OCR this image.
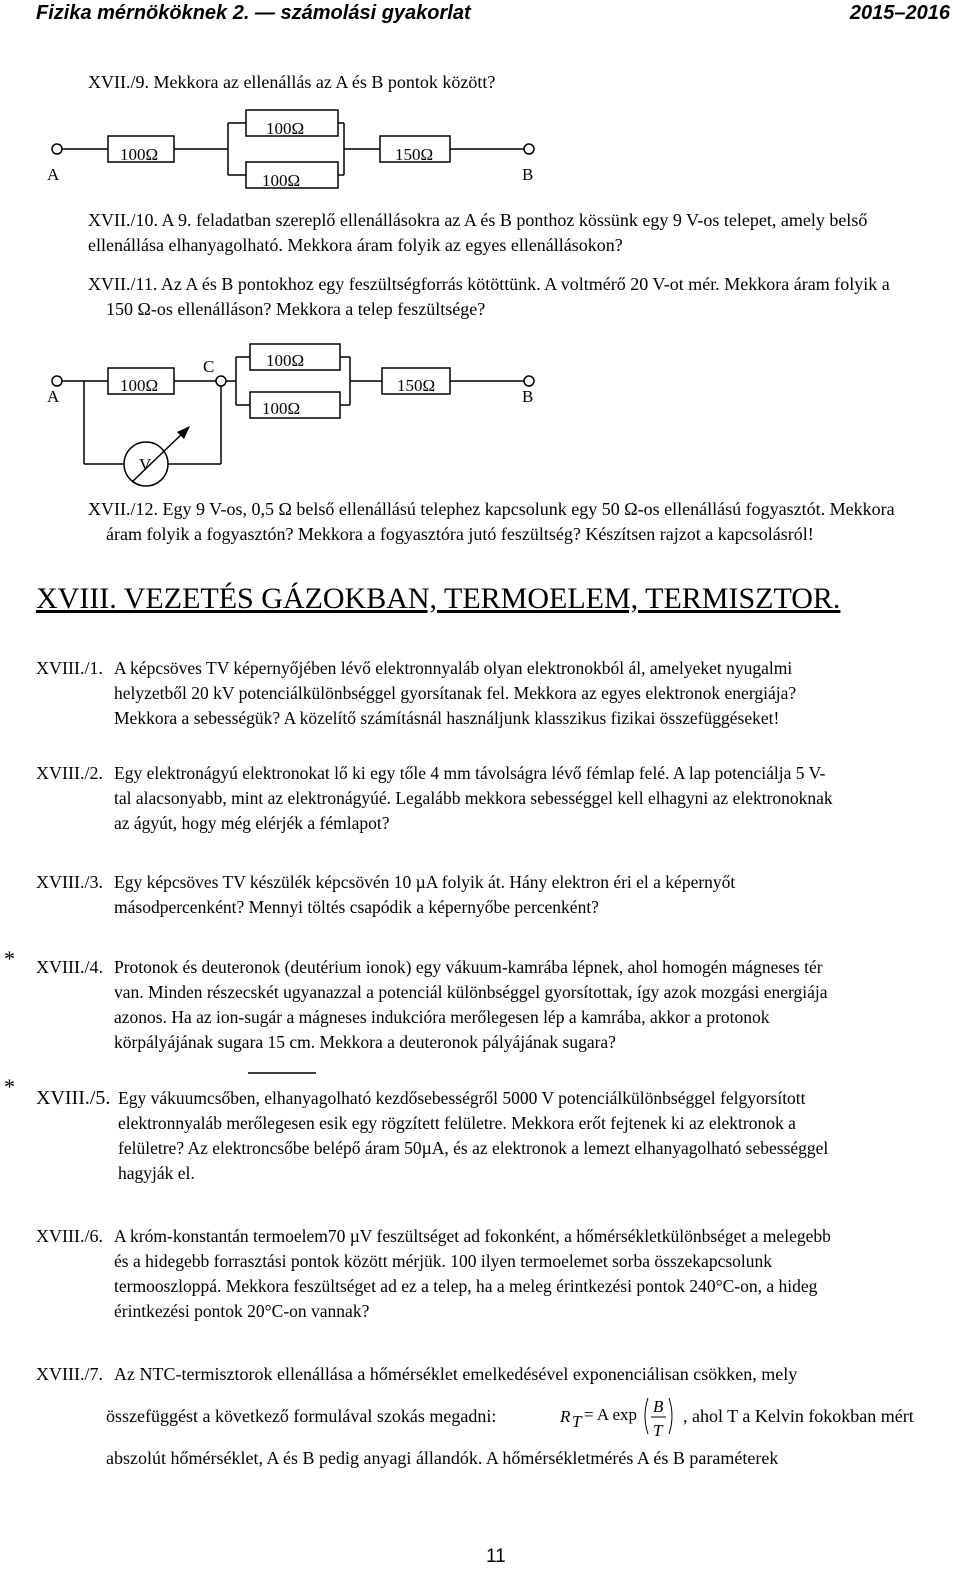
Fizika mérnököknek 2. — számolási gyakorlat	2015–2016
XVII./9. Mekkora az ellenállás az A és B pontok között?
A	B
100Ω
100Ω
100Ω
150Ω
A	B
C
V
100Ω
100Ω
100Ω
150Ω
XVII./10. A 9. feladatban szereplő ellenállásokra az A és B ponthoz kössünk egy 9 V-os telepet, amely belső
ellenállása elhanyagolható. Mekkora áram folyik az egyes ellenállásokon?
XVII./11. Az A és B pontokhoz egy feszültségforrás kötöttünk. A voltmérő 20 V-ot mér. Mekkora áram folyik a
150 Ω-os ellenálláson? Mekkora a telep feszültsége?
XVII./12. Egy 9 V-os, 0,5 Ω belső ellenállású telephez kapcsolunk egy 50 Ω-os ellenállású fogyasztót. Mekkora
áram folyik a fogyasztón? Mekkora a fogyasztóra jutó feszültség? Készítsen rajzot a kapcsolásról!
XVIII. VEZETÉS GÁZOKBAN, TERMOELEM, TERMISZTOR.
XVIII./1. A képcsöves TV képernyőjében lévő elektronnyaláb olyan elektronokból ál, amelyeket nyugalmi
helyzetből 20 kV potenciálkülönbséggel gyorsítanak fel. Mekkora az egyes elektronok energiája?
Mekkora a sebességük? A közelítő számításnál használjunk klasszikus fizikai összefüggéseket!
XVIII./2. Egy elektronágyú elektronokat lő ki egy tőle 4 mm távolságra lévő fémlap felé. A lap potenciálja 5 V-
tal alacsonyabb, mint az elektronágyúé. Legalább mekkora sebességgel kell elhagyni az elektronoknak
az ágyút, hogy még elérjék a fémlapot?
XVIII./3. Egy képcsöves TV készülék képcsövén 10 µA folyik át. Hány elektron éri el a képernyőt
másodpercenként? Mennyi töltés csapódik a képernyőbe percenként?
* XVIII./4. Protonok és deuteronok (deutérium ionok) egy vákuum-kamrába lépnek, ahol homogén mágneses tér
van. Minden részecskét ugyanazzal a potenciál különbséggel gyorsítottak, így azok mozgási energiája
azonos. Ha az ion-sugár a mágneses indukcióra merőlegesen lép a kamrába, akkor a protonok
körpályájának sugara 15 cm. Mekkora a deuteronok pályájának sugara?
* XVIII./5. Egy vákuumcsőben, elhanyagolható kezdősebességről 5000 V potenciálkülönbséggel felgyorsított
elektronnyaláb merőlegesen esik egy rögzített felületre. Mekkora erőt fejtenek ki az elektronok a
felületre? Az elektroncsőbe belépő áram 50µA, és az elektronok a lemezt elhanyagolható sebességgel
hagyják el.
XVIII./6. A króm-konstantán termoelem70 µV feszültséget ad fokonként, a hőmérsékletkülönbséget a melegebb
és a hidegebb forrasztási pontok között mérjük. 100 ilyen termoelemet sorba összekapcsolunk
termooszloppá. Mekkora feszültséget ad ez a telep, ha a meleg érintkezési pontok 240°C-on, a hideg
érintkezési pontok 20°C-on vannak?
XVIII./7. Az NTC-termisztorok ellenállása a hőmérséklet emelkedésével exponenciálisan csökken, mely
összefüggést a következő formulával szokás megadni:	R T = A exp B
T
, ahol T a Kelvin fokokban mért
abszolút hőmérséklet, A és B pedig anyagi állandók. A hőmérsékletmérés A és B paraméterek
11
